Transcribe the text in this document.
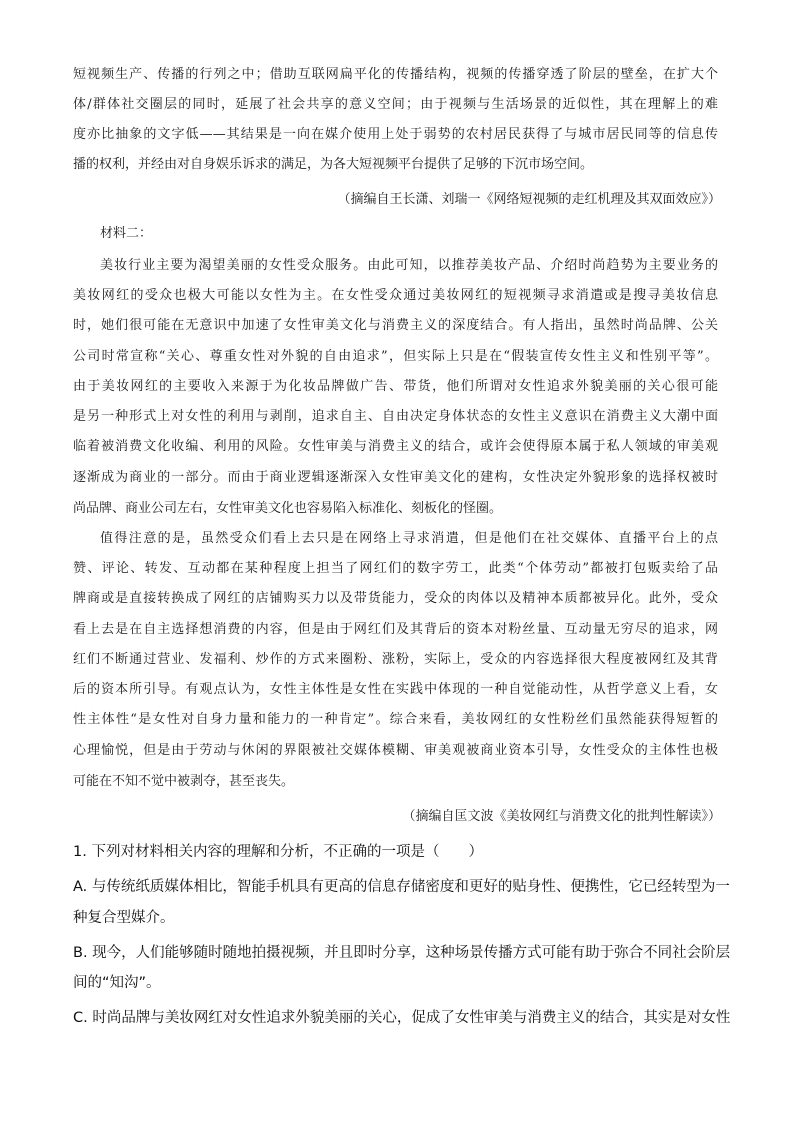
短视频生产、传播的行列之中；借助互联网扁平化的传播结构，视频的传播穿透了阶层的壁垒，在扩大个
体/群体社交圈层的同时，延展了社会共享的意义空间；由于视频与生活场景的近似性，其在理解上的难
度亦比抽象的文字低——其结果是一向在媒介使用上处于弱势的农村居民获得了与城市居民同等的信息传
播的权利，并经由对自身娱乐诉求的满足，为各大短视频平台提供了足够的下沉市场空间。
（摘编自王长潇、刘瑞一《网络短视频的走红机理及其双面效应》）
材料二：
美妆行业主要为渴望美丽的女性受众服务。由此可知，以推荐美妆产品、介绍时尚趋势为主要业务的
美妆网红的受众也极大可能以女性为主。在女性受众通过美妆网红的短视频寻求消遣或是搜寻美妆信息
时，她们很可能在无意识中加速了女性审美文化与消费主义的深度结合。有人指出，虽然时尚品牌、公关
公司时常宣称“关心、尊重女性对外貌的自由追求”，但实际上只是在“假装宣传女性主义和性别平等”。
由于美妆网红的主要收入来源于为化妆品牌做广告、带货，他们所谓对女性追求外貌美丽的关心很可能
是另一种形式上对女性的利用与剥削，追求自主、自由决定身体状态的女性主义意识在消费主义大潮中面
临着被消费文化收编、利用的风险。女性审美与消费主义的结合，或许会使得原本属于私人领域的审美观
逐渐成为商业的一部分。而由于商业逻辑逐渐深入女性审美文化的建构，女性决定外貌形象的选择权被时
尚品牌、商业公司左右，女性审美文化也容易陷入标准化、刻板化的怪圈。
值得注意的是，虽然受众们看上去只是在网络上寻求消遣，但是他们在社交媒体、直播平台上的点
赞、评论、转发、互动都在某种程度上担当了网红们的数字劳工，此类“个体劳动”都被打包贩卖给了品
牌商或是直接转换成了网红的店铺购买力以及带货能力，受众的肉体以及精神本质都被异化。此外，受众
看上去是在自主选择想消费的内容，但是由于网红们及其背后的资本对粉丝量、互动量无穷尽的追求，网
红们不断通过营业、发福利、炒作的方式来圈粉、涨粉，实际上，受众的内容选择很大程度被网红及其背
后的资本所引导。有观点认为，女性主体性是女性在实践中体现的一种自觉能动性，从哲学意义上看，女
性主体性“是女性对自身力量和能力的一种肯定”。综合来看，美妆网红的女性粉丝们虽然能获得短暂的
心理愉悦，但是由于劳动与休闲的界限被社交媒体模糊、审美观被商业资本引导，女性受众的主体性也极
可能在不知不觉中被剥夺，甚至丧失。
（摘编自匡文波《美妆网红与消费文化的批判性解读》）
1. 下列对材料相关内容的理解和分析，不正确的一项是（　　）
A. 与传统纸质媒体相比，智能手机具有更高的信息存储密度和更好的贴身性、便携性，它已经转型为一
种复合型媒介。
B. 现今，人们能够随时随地拍摄视频，并且即时分享，这种场景传播方式可能有助于弥合不同社会阶层
间的“知沟”。
C. 时尚品牌与美妆网红对女性追求外貌美丽的关心，促成了女性审美与消费主义的结合，其实是对女性
